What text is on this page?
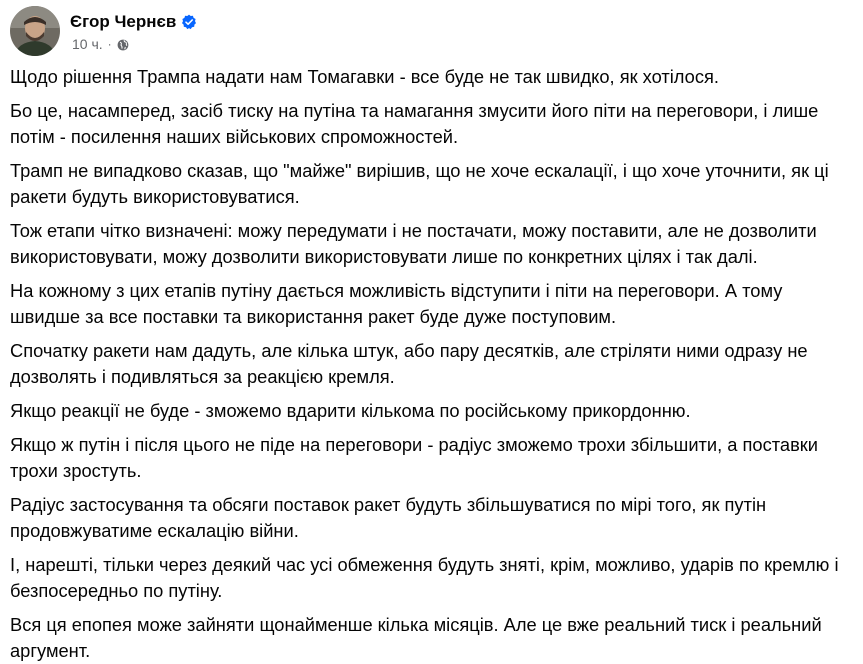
Єгор Чернєв
10 ч. ·

Щодо рішення Трампа надати нам Томагавки - все буде не так швидко, як хотілося.

Бо це, насамперед, засіб тиску на путіна та намагання змусити його піти на переговори, і лише потім - посилення наших військових спроможностей.

Трамп не випадково сказав, що "майже" вирішив, що не хоче ескалації, і що хоче уточнити, як ці ракети будуть використовуватися.

Тож етапи чітко визначені: можу передумати і не постачати, можу поставити, але не дозволити використовувати, можу дозволити використовувати лише по конкретних цілях і так далі.

На кожному з цих етапів путіну дається можливість відступити і піти на переговори. А тому швидше за все поставки та використання ракет буде дуже поступовим.

Спочатку ракети нам дадуть, але кілька штук, або пару десятків, але стріляти ними одразу не дозволять і подивляться за реакцією кремля.

Якщо реакції не буде - зможемо вдарити кількома по російському прикордонню.

Якщо ж путін і після цього не піде на переговори - радіус зможемо трохи збільшити, а поставки трохи зростуть.

Радіус застосування та обсяги поставок ракет будуть збільшуватися по мірі того, як путін продовжуватиме ескалацію війни.

І, нарешті, тільки через деякий час усі обмеження будуть зняті, крім, можливо, ударів по кремлю і безпосередньо по путіну.

Вся ця епопея може зайняти щонайменше кілька місяців. Але це вже реальний тиск і реальний аргумент.
